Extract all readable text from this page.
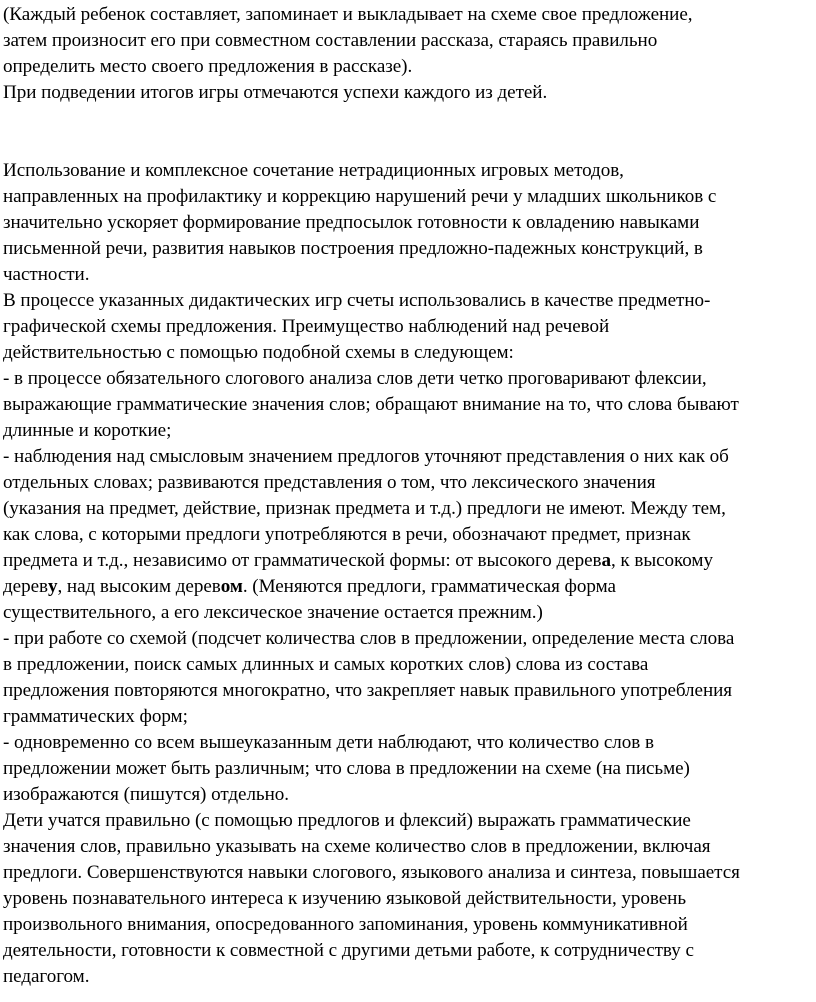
(Каждый ребенок составляет, запоминает и выкладывает на схеме свое предложение,
затем произносит его при совместном составлении рассказа, стараясь правильно
определить место своего предложения в рассказе).
При подведении итогов игры отмечаются успехи каждого из детей.
Использование и комплексное сочетание нетрадиционных игровых методов,
направленных на профилактику и коррекцию нарушений речи у младших школьников с
значительно ускоряет формирование предпосылок готовности к овладению навыками
письменной речи, развития навыков построения предложно-падежных конструкций, в
частности.
В процессе указанных дидактических игр счеты использовались в качестве предметно-
графической схемы предложения. Преимущество наблюдений над речевой
действительностью с помощью подобной схемы в следующем:
- в процессе обязательного слогового анализа слов дети четко проговаривают флексии,
выражающие грамматические значения слов; обращают внимание на то, что слова бывают
длинные и короткие;
- наблюдения над смысловым значением предлогов уточняют представления о них как об
отдельных словах; развиваются представления о том, что лексического значения
(указания на предмет, действие, признак предмета и т.д.) предлоги не имеют. Между тем,
как слова, с которыми предлоги употребляются в речи, обозначают предмет, признак
предмета и т.д., независимо от грамматической формы: от высокого дерева, к высокому
дереву, над высоким деревом. (Меняются предлоги, грамматическая форма
существительного, а его лексическое значение остается прежним.)
- при работе со схемой (подсчет количества слов в предложении, определение места слова
в предложении, поиск самых длинных и самых коротких слов) слова из состава
предложения повторяются многократно, что закрепляет навык правильного употребления
грамматических форм;
- одновременно со всем вышеуказанным дети наблюдают, что количество слов в
предложении может быть различным; что слова в предложении на схеме (на письме)
изображаются (пишутся) отдельно.
Дети учатся правильно (с помощью предлогов и флексий) выражать грамматические
значения слов, правильно указывать на схеме количество слов в предложении, включая
предлоги. Совершенствуются навыки слогового, языкового анализа и синтеза, повышается
уровень познавательного интереса к изучению языковой действительности, уровень
произвольного внимания, опосредованного запоминания, уровень коммуникативной
деятельности, готовности к совместной с другими детьми работе, к сотрудничеству с
педагогом.
